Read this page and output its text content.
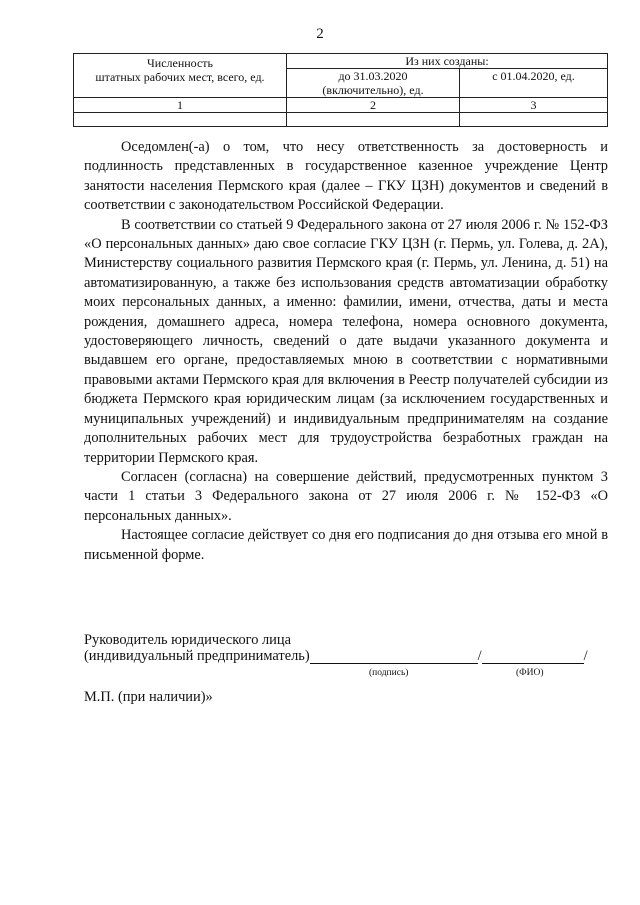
2
Численность
штатных рабочих мест, всего, ед.	Из них созданы:	

	до 31.03.2020
(включительно), ед.	с 01.04.2020, ед.
1	2	3

Оседомлен(-а) о том, что несу ответственность за достоверность и подлинность представленных в государственное казенное учреждение Центр занятости населения Пермского края (далее – ГКУ ЦЗН) документов и сведений в соответствии с законодательством Российской Федерации.

В соответствии со статьей 9 Федерального закона от 27 июля 2006 г. № 152-ФЗ «О персональных данных» даю свое согласие ГКУ ЦЗН (г. Пермь, ул. Голева, д. 2А), Министерству социального развития Пермского края (г. Пермь, ул. Ленина, д. 51) на автоматизированную, а также без использования средств автоматизации обработку моих персональных данных, а именно: фамилии, имени, отчества, даты и места рождения, домашнего адреса, номера телефона, номера основного документа, удостоверяющего личность, сведений о дате выдачи указанного документа и выдавшем его органе, предоставляемых мною в соответствии с нормативными правовыми актами Пермского края для включения в Реестр получателей субсидии из бюджета Пермского края юридическим лицам (за исключением государственных и муниципальных учреждений) и индивидуальным предпринимателям на создание дополнительных рабочих мест для трудоустройства безработных граждан на территории Пермского края.

Согласен (согласна) на совершение действий, предусмотренных пунктом 3 части 1 статьи 3 Федерального закона от 27 июля 2006 г. № 152-ФЗ «О персональных данных».

Настоящее согласие действует со дня его подписания до дня отзыва его мной в письменной форме.

Руководитель юридического лица
(индивидуальный предприниматель)	/	/
(подпись)	(ФИО)
М.П. (при наличии)»
